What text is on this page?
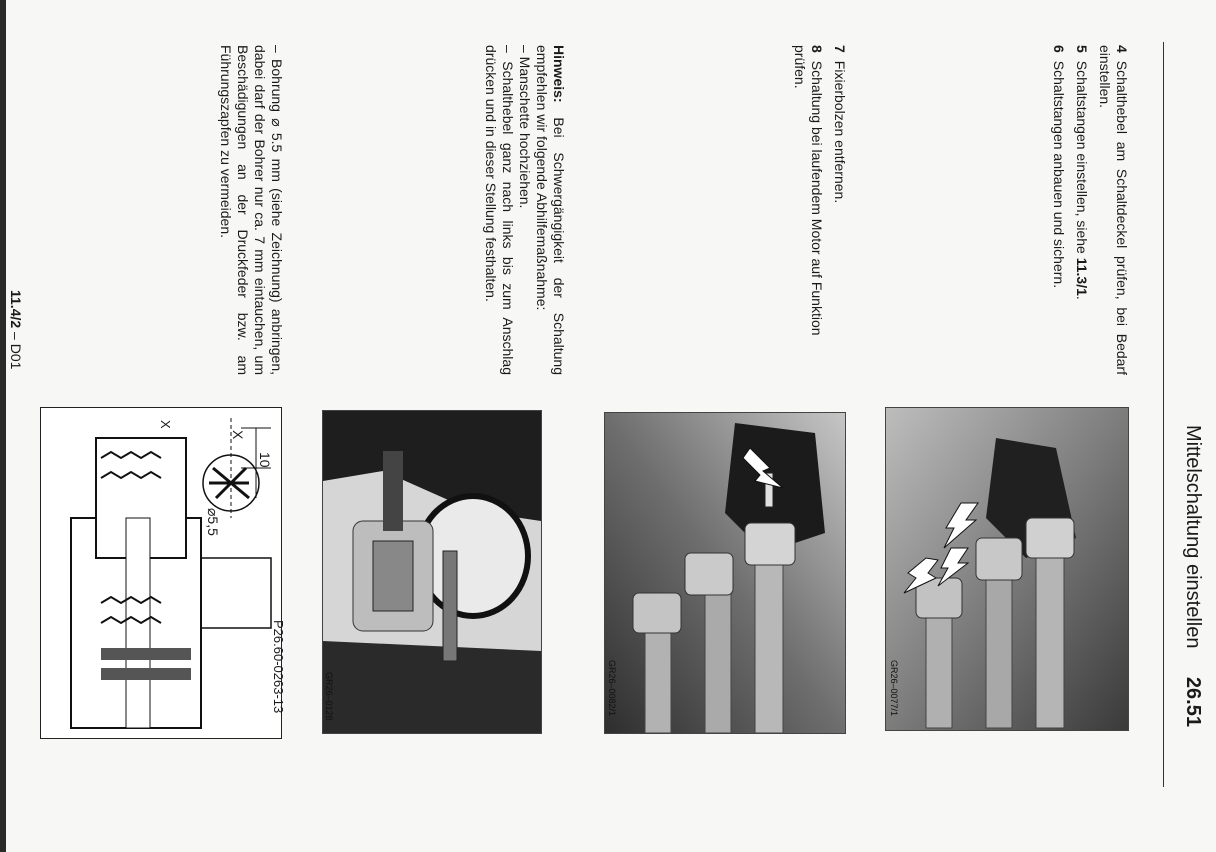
Mittelschaltung einstellen 26.51
4Schalthebel am Schaltdeckel prüfen, bei Bedarf einstellen.
5Schaltstangen einstellen, siehe 11.3/1.
6Schaltstangen anbauen und sichern.
7Fixierbolzen entfernen.
8Schaltung bei laufendem Motor auf Funktion prüfen.
Hinweis: Bei Schwergängigkeit der Schaltung empfehlen wir folgende Abhilfemaßnahme:
– Manschette hochziehen.
– Schalthebel ganz nach links bis zum Anschlag drücken und in dieser Stellung festhalten.
– Bohrung ⌀ 5.5 mm (siehe Zeichnung) anbringen, dabei darf der Bohrer nur ca. 7 mm eintauchen, um Beschädigungen an der Druckfeder bzw. am Führungszapfen zu vermeiden.
11.4/2 – D01
GR26–0077/1
GR26–0082/1
GR26–0128
10
X
X
⌀5,5
P26.60-0263-13
